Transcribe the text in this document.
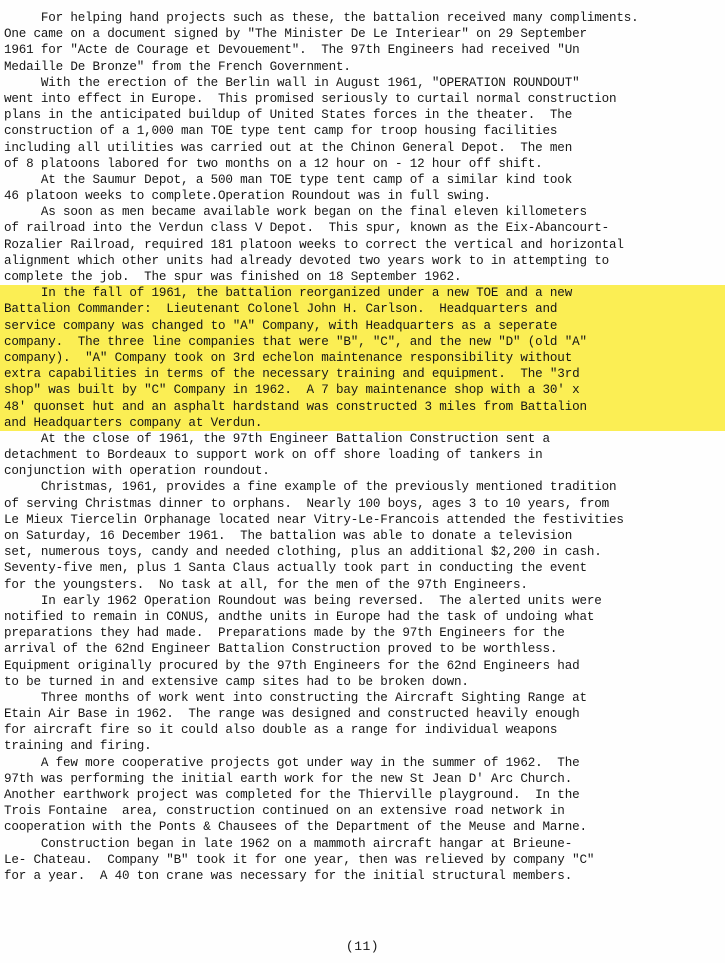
For helping hand projects such as these, the battalion received many compliments.
One came on a document signed by "The Minister De Le Interiear" on 29 September
1961 for "Acte de Courage et Devouement".  The 97th Engineers had received "Un
Medaille De Bronze" from the French Government.
With the erection of the Berlin wall in August 1961, "OPERATION ROUNDOUT"
went into effect in Europe.  This promised seriously to curtail normal construction
plans in the anticipated buildup of United States forces in the theater.  The
construction of a 1,000 man TOE type tent camp for troop housing facilities
including all utilities was carried out at the Chinon General Depot.  The men
of 8 platoons labored for two months on a 12 hour on - 12 hour off shift.
At the Saumur Depot, a 500 man TOE type tent camp of a similar kind took
46 platoon weeks to complete.Operation Roundout was in full swing.
As soon as men became available work began on the final eleven killometers
of railroad into the Verdun class V Depot.  This spur, known as the Eix-Abancourt-
Rozalier Railroad, required 181 platoon weeks to correct the vertical and horizontal
alignment which other units had already devoted two years work to in attempting to
complete the job.  The spur was finished on 18 September 1962.
In the fall of 1961, the battalion reorganized under a new TOE and a new
Battalion Commander:  Lieutenant Colonel John H. Carlson.  Headquarters and
service company was changed to "A" Company, with Headquarters as a seperate
company.  The three line companies that were "B", "C", and the new "D" (old "A"
company).  "A" Company took on 3rd echelon maintenance responsibility without
extra capabilities in terms of the necessary training and equipment.  The "3rd
shop" was built by "C" Company in 1962.  A 7 bay maintenance shop with a 30' x
48' quonset hut and an asphalt hardstand was constructed 3 miles from Battalion
and Headquarters company at Verdun.
At the close of 1961, the 97th Engineer Battalion Construction sent a
detachment to Bordeaux to support work on off shore loading of tankers in
conjunction with operation roundout.
Christmas, 1961, provides a fine example of the previously mentioned tradition
of serving Christmas dinner to orphans.  Nearly 100 boys, ages 3 to 10 years, from
Le Mieux Tiercelin Orphanage located near Vitry-Le-Francois attended the festivities
on Saturday, 16 December 1961.  The battalion was able to donate a television
set, numerous toys, candy and needed clothing, plus an additional $2,200 in cash.
Seventy-five men, plus 1 Santa Claus actually took part in conducting the event
for the youngsters.  No task at all, for the men of the 97th Engineers.
In early 1962 Operation Roundout was being reversed.  The alerted units were
notified to remain in CONUS, andthe units in Europe had the task of undoing what
preparations they had made.  Preparations made by the 97th Engineers for the
arrival of the 62nd Engineer Battalion Construction proved to be worthless.
Equipment originally procured by the 97th Engineers for the 62nd Engineers had
to be turned in and extensive camp sites had to be broken down.
Three months of work went into constructing the Aircraft Sighting Range at
Etain Air Base in 1962.  The range was designed and constructed heavily enough
for aircraft fire so it could also double as a range for individual weapons
training and firing.
A few more cooperative projects got under way in the summer of 1962.  The
97th was performing the initial earth work for the new St Jean D' Arc Church.
Another earthwork project was completed for the Thierville playground.  In the
Trois Fontaine  area, construction continued on an extensive road network in
cooperation with the Ponts & Chausees of the Department of the Meuse and Marne.
Construction began in late 1962 on a mammoth aircraft hangar at Brieune-
Le- Chateau.  Company "B" took it for one year, then was relieved by company "C"
for a year.  A 40 ton crane was necessary for the initial structural members.
(11)
